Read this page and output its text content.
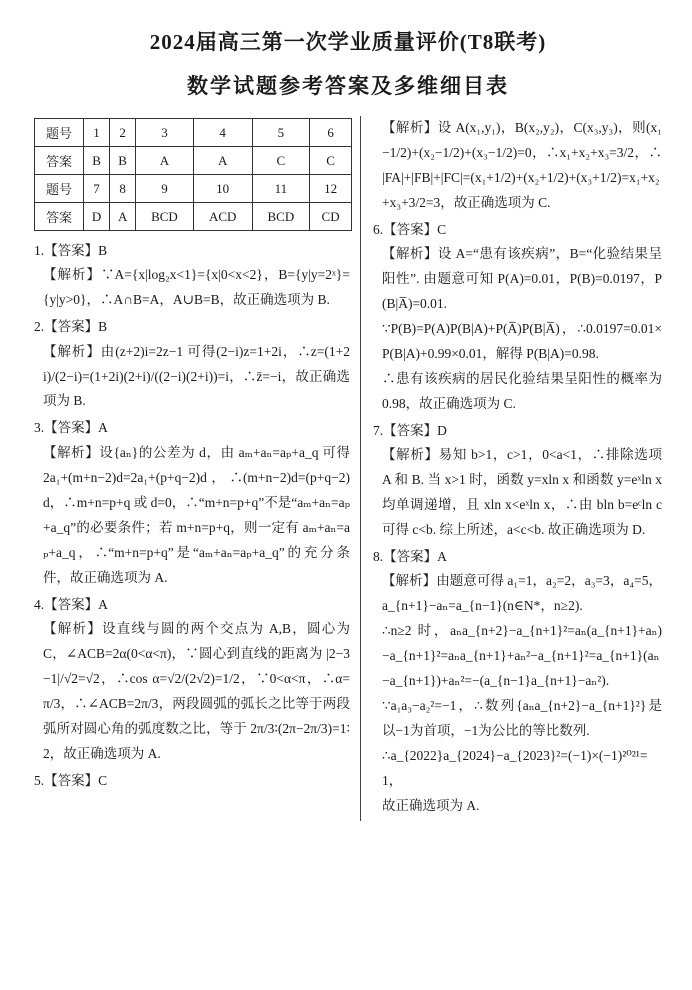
2024届高三第一次学业质量评价(T8联考)
数学试题参考答案及多维细目表
题号	1	2	3	4	5	6
答案	B	B	A	A	C	C
题号	7	8	9	10	11	12
答案	D	A	BCD	ACD	BCD	CD
1.【答案】B
【解析】∵A={x|log₂x<1}={x|0<x<2}，B={y|y=2ˣ}={y|y>0}，∴A∩B=A，A∪B=B，故正确选项为 B.
2.【答案】B
【解析】由(z+2)i=2z−1 可得(2−i)z=1+2i，∴z=(1+2i)/(2−i)=(1+2i)(2+i)/((2−i)(2+i))=i，∴z̄=−i，故正确选项为 B.
3.【答案】A
【解析】设{aₙ}的公差为 d，由 aₘ+aₙ=aₚ+a_q 可得 2a₁+(m+n−2)d=2a₁+(p+q−2)d，∴(m+n−2)d=(p+q−2)d，∴m+n=p+q 或 d=0，∴“m+n=p+q”不是“aₘ+aₙ=aₚ+a_q”的必要条件；若 m+n=p+q，则一定有 aₘ+aₙ=aₚ+a_q，∴“m+n=p+q”是“aₘ+aₙ=aₚ+a_q”的充分条件，故正确选项为 A.
4.【答案】A
【解析】设直线与圆的两个交点为 A,B，圆心为 C，∠ACB=2α(0<α<π)，∵圆心到直线的距离为 |2−3−1|/√2=√2，∴cos α=√2/(2√2)=1/2，∵0<α<π，∴α=π/3，∴∠ACB=2π/3，两段圆弧的弧长之比等于两段弧所对圆心角的弧度数之比，等于 2π/3∶(2π−2π/3)=1∶2，故正确选项为 A.
5.【答案】C
【解析】设 A(x₁,y₁)，B(x₂,y₂)，C(x₃,y₃)，则(x₁−1/2)+(x₂−1/2)+(x₃−1/2)=0，∴x₁+x₂+x₃=3/2，∴|FA|+|FB|+|FC|=(x₁+1/2)+(x₂+1/2)+(x₃+1/2)=x₁+x₂+x₃+3/2=3，故正确选项为 C.
6.【答案】C
【解析】设 A=“患有该疾病”，B=“化验结果呈阳性”. 由题意可知 P(A)=0.01，P(B)=0.0197，P(B|A̅)=0.01.
∵P(B)=P(A)P(B|A)+P(A̅)P(B|A̅)，∴0.0197=0.01×P(B|A)+0.99×0.01，解得 P(B|A)=0.98.
∴患有该疾病的居民化验结果呈阳性的概率为 0.98，故正确选项为 C.
7.【答案】D
【解析】易知 b>1，c>1，0<a<1，∴排除选项 A 和 B. 当 x>1 时，函数 y=xln x 和函数 y=eˣln x 均单调递增，且 xln x<eˣln x，∴由 bln b=eᶜln c 可得 c<b. 综上所述，a<c<b. 故正确选项为 D.
8.【答案】A
【解析】由题意可得 a₁=1，a₂=2，a₃=3，a₄=5，a_{n+1}−aₙ=a_{n−1}(n∈N*，n≥2).
∴n≥2 时，aₙa_{n+2}−a_{n+1}²=aₙ(a_{n+1}+aₙ)−a_{n+1}²=aₙa_{n+1}+aₙ²−a_{n+1}²=a_{n+1}(aₙ−a_{n+1})+aₙ²=−(a_{n−1}a_{n+1}−aₙ²).
∵a₁a₃−a₂²=−1，∴数列{aₙa_{n+2}−a_{n+1}²}是以−1为首项，−1为公比的等比数列.
∴a_{2022}a_{2024}−a_{2023}²=(−1)×(−1)²⁰²¹=1，
故正确选项为 A.
